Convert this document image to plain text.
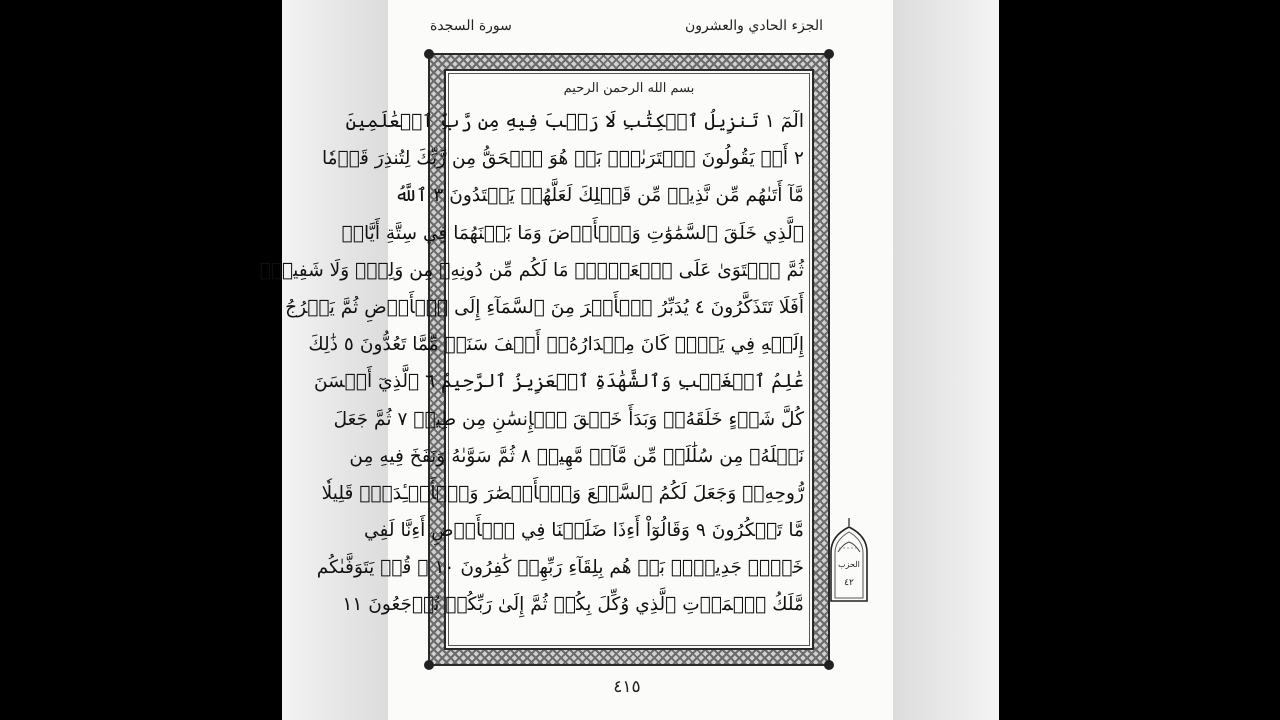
الجزء الحادي والعشرون
سورة السجدة
بسم الله الرحمن الرحيم
الٓمٓ ١ تَنزِيلُ ٱلۡكِتَٰبِ لَا رَيۡبَ فِيهِ مِن رَّبِّ ٱلۡعَٰلَمِينَ
٢ أَمۡ يَقُولُونَ ٱفۡتَرَىٰهُۚ بَلۡ هُوَ ٱلۡحَقُّ مِن رَّبِّكَ لِتُنذِرَ قَوۡمٗا
مَّآ أَتَىٰهُم مِّن نَّذِيرٖ مِّن قَبۡلِكَ لَعَلَّهُمۡ يَهۡتَدُونَ ٣ ٱللَّهُ
ٱلَّذِي خَلَقَ ٱلسَّمَٰوَٰتِ وَٱلۡأَرۡضَ وَمَا بَيۡنَهُمَا فِي سِتَّةِ أَيَّامٖ
ثُمَّ ٱسۡتَوَىٰ عَلَى ٱلۡعَرۡشِۖ مَا لَكُم مِّن دُونِهِۦ مِن وَلِيّٖ وَلَا شَفِيعٍۚ
أَفَلَا تَتَذَكَّرُونَ ٤ يُدَبِّرُ ٱلۡأَمۡرَ مِنَ ٱلسَّمَآءِ إِلَى ٱلۡأَرۡضِ ثُمَّ يَعۡرُجُ
إِلَيۡهِ فِي يَوۡمٖ كَانَ مِقۡدَارُهُۥٓ أَلۡفَ سَنَةٖ مِّمَّا تَعُدُّونَ ٥ ذَٰلِكَ
عَٰلِمُ ٱلۡغَيۡبِ وَٱلشَّهَٰدَةِ ٱلۡعَزِيزُ ٱلرَّحِيمُ ٦ ٱلَّذِيٓ أَحۡسَنَ
كُلَّ شَيۡءٍ خَلَقَهُۥۖ وَبَدَأَ خَلۡقَ ٱلۡإِنسَٰنِ مِن طِينٖ ٧ ثُمَّ جَعَلَ
نَسۡلَهُۥ مِن سُلَٰلَةٖ مِّن مَّآءٖ مَّهِينٖ ٨ ثُمَّ سَوَّىٰهُ وَنَفَخَ فِيهِ مِن
رُّوحِهِۦۖ وَجَعَلَ لَكُمُ ٱلسَّمۡعَ وَٱلۡأَبۡصَٰرَ وَٱلۡأَفۡـِٔدَةَۚ قَلِيلٗا
مَّا تَشۡكُرُونَ ٩ وَقَالُوٓاْ أَءِذَا ضَلَلۡنَا فِي ٱلۡأَرۡضِ أَءِنَّا لَفِي
خَلۡقٖ جَدِيدِۭۚ بَلۡ هُم بِلِقَآءِ رَبِّهِمۡ كَٰفِرُونَ ١٠ ۞ قُلۡ يَتَوَفَّىٰكُم
مَّلَكُ ٱلۡمَوۡتِ ٱلَّذِي وُكِّلَ بِكُمۡ ثُمَّ إِلَىٰ رَبِّكُمۡ تُرۡجَعُونَ ١١
٤١٥
الحزب
٤٢
